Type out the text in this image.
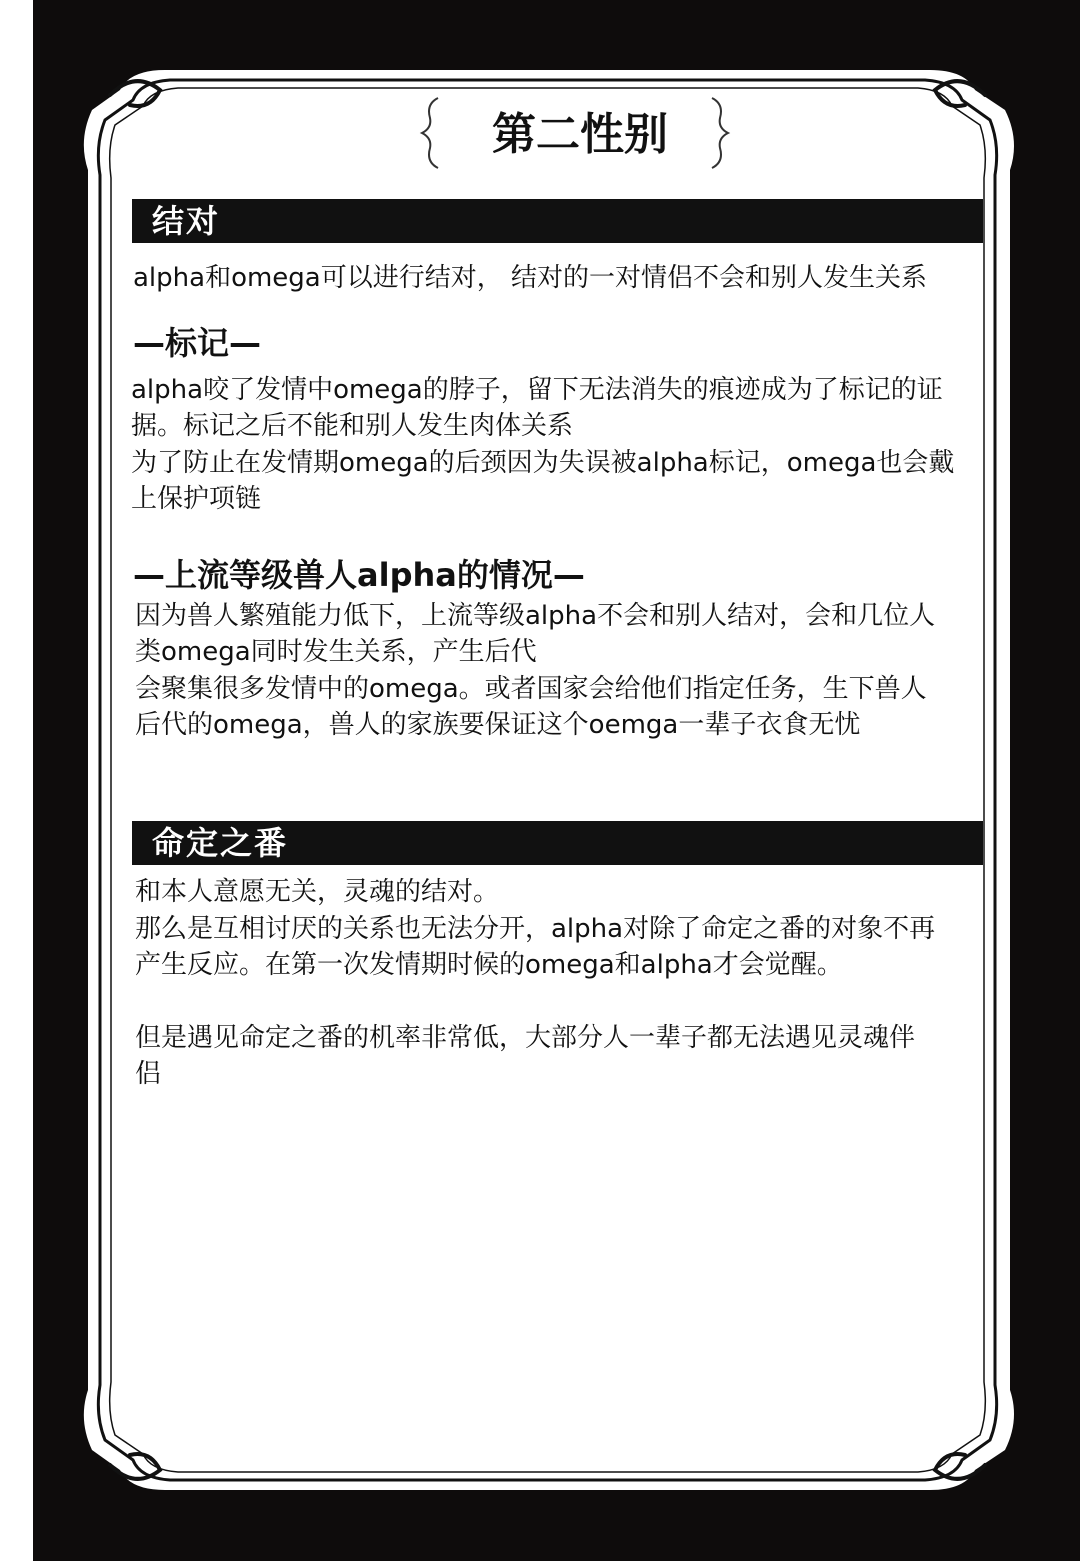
第二性别
结对
alpha和omega可以进行结对， 结对的一对情侣不会和别人发生关系
—标记—
alpha咬了发情中omega的脖子，留下无法消失的痕迹成为了标记的证
据。标记之后不能和别人发生肉体关系
为了防止在发情期omega的后颈因为失误被alpha标记，omega也会戴
上保护项链
—上流等级兽人alpha的情况—
因为兽人繁殖能力低下，上流等级alpha不会和别人结对，会和几位人
类omega同时发生关系，产生后代
会聚集很多发情中的omega。或者国家会给他们指定任务，生下兽人
后代的omega，兽人的家族要保证这个oemga一辈子衣食无忧
命定之番
和本人意愿无关，灵魂的结对。
那么是互相讨厌的关系也无法分开，alpha对除了命定之番的对象不再
产生反应。在第一次发情期时候的omega和alpha才会觉醒。
但是遇见命定之番的机率非常低，大部分人一辈子都无法遇见灵魂伴
侣
